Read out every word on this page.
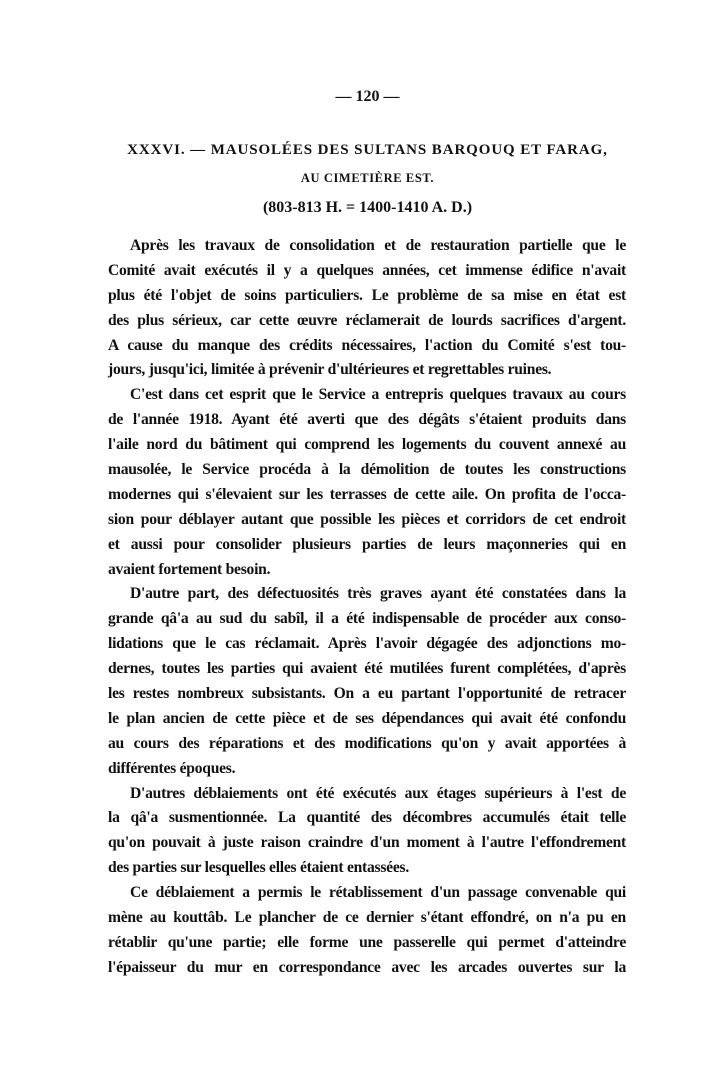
— 120 —
XXXVI. — MAUSOLÉES DES SULTANS BARQOUQ ET FARAG,
AU CIMETIÈRE EST.
(803-813 H. = 1400-1410 A. D.)
Après les travaux de consolidation et de restauration partielle que le
Comité avait exécutés il y a quelques années, cet immense édifice n'avait
plus été l'objet de soins particuliers. Le problème de sa mise en état est
des plus sérieux, car cette œuvre réclamerait de lourds sacrifices d'argent.
A cause du manque des crédits nécessaires, l'action du Comité s'est tou-
jours, jusqu'ici, limitée à prévenir d'ultérieures et regrettables ruines.
C'est dans cet esprit que le Service a entrepris quelques travaux au cours
de l'année 1918. Ayant été averti que des dégâts s'étaient produits dans
l'aile nord du bâtiment qui comprend les logements du couvent annexé au
mausolée, le Service procéda à la démolition de toutes les constructions
modernes qui s'élevaient sur les terrasses de cette aile. On profita de l'occa-
sion pour déblayer autant que possible les pièces et corridors de cet endroit
et aussi pour consolider plusieurs parties de leurs maçonneries qui en
avaient fortement besoin.
D'autre part, des défectuosités très graves ayant été constatées dans la
grande qâ'a au sud du sabîl, il a été indispensable de procéder aux conso-
lidations que le cas réclamait. Après l'avoir dégagée des adjonctions mo-
dernes, toutes les parties qui avaient été mutilées furent complétées, d'après
les restes nombreux subsistants. On a eu partant l'opportunité de retracer
le plan ancien de cette pièce et de ses dépendances qui avait été confondu
au cours des réparations et des modifications qu'on y avait apportées à
différentes époques.
D'autres déblaiements ont été exécutés aux étages supérieurs à l'est de
la qâ'a susmentionnée. La quantité des décombres accumulés était telle
qu'on pouvait à juste raison craindre d'un moment à l'autre l'effondrement
des parties sur lesquelles elles étaient entassées.
Ce déblaiement a permis le rétablissement d'un passage convenable qui
mène au kouttâb. Le plancher de ce dernier s'étant effondré, on n'a pu en
rétablir qu'une partie; elle forme une passerelle qui permet d'atteindre
l'épaisseur du mur en correspondance avec les arcades ouvertes sur la
